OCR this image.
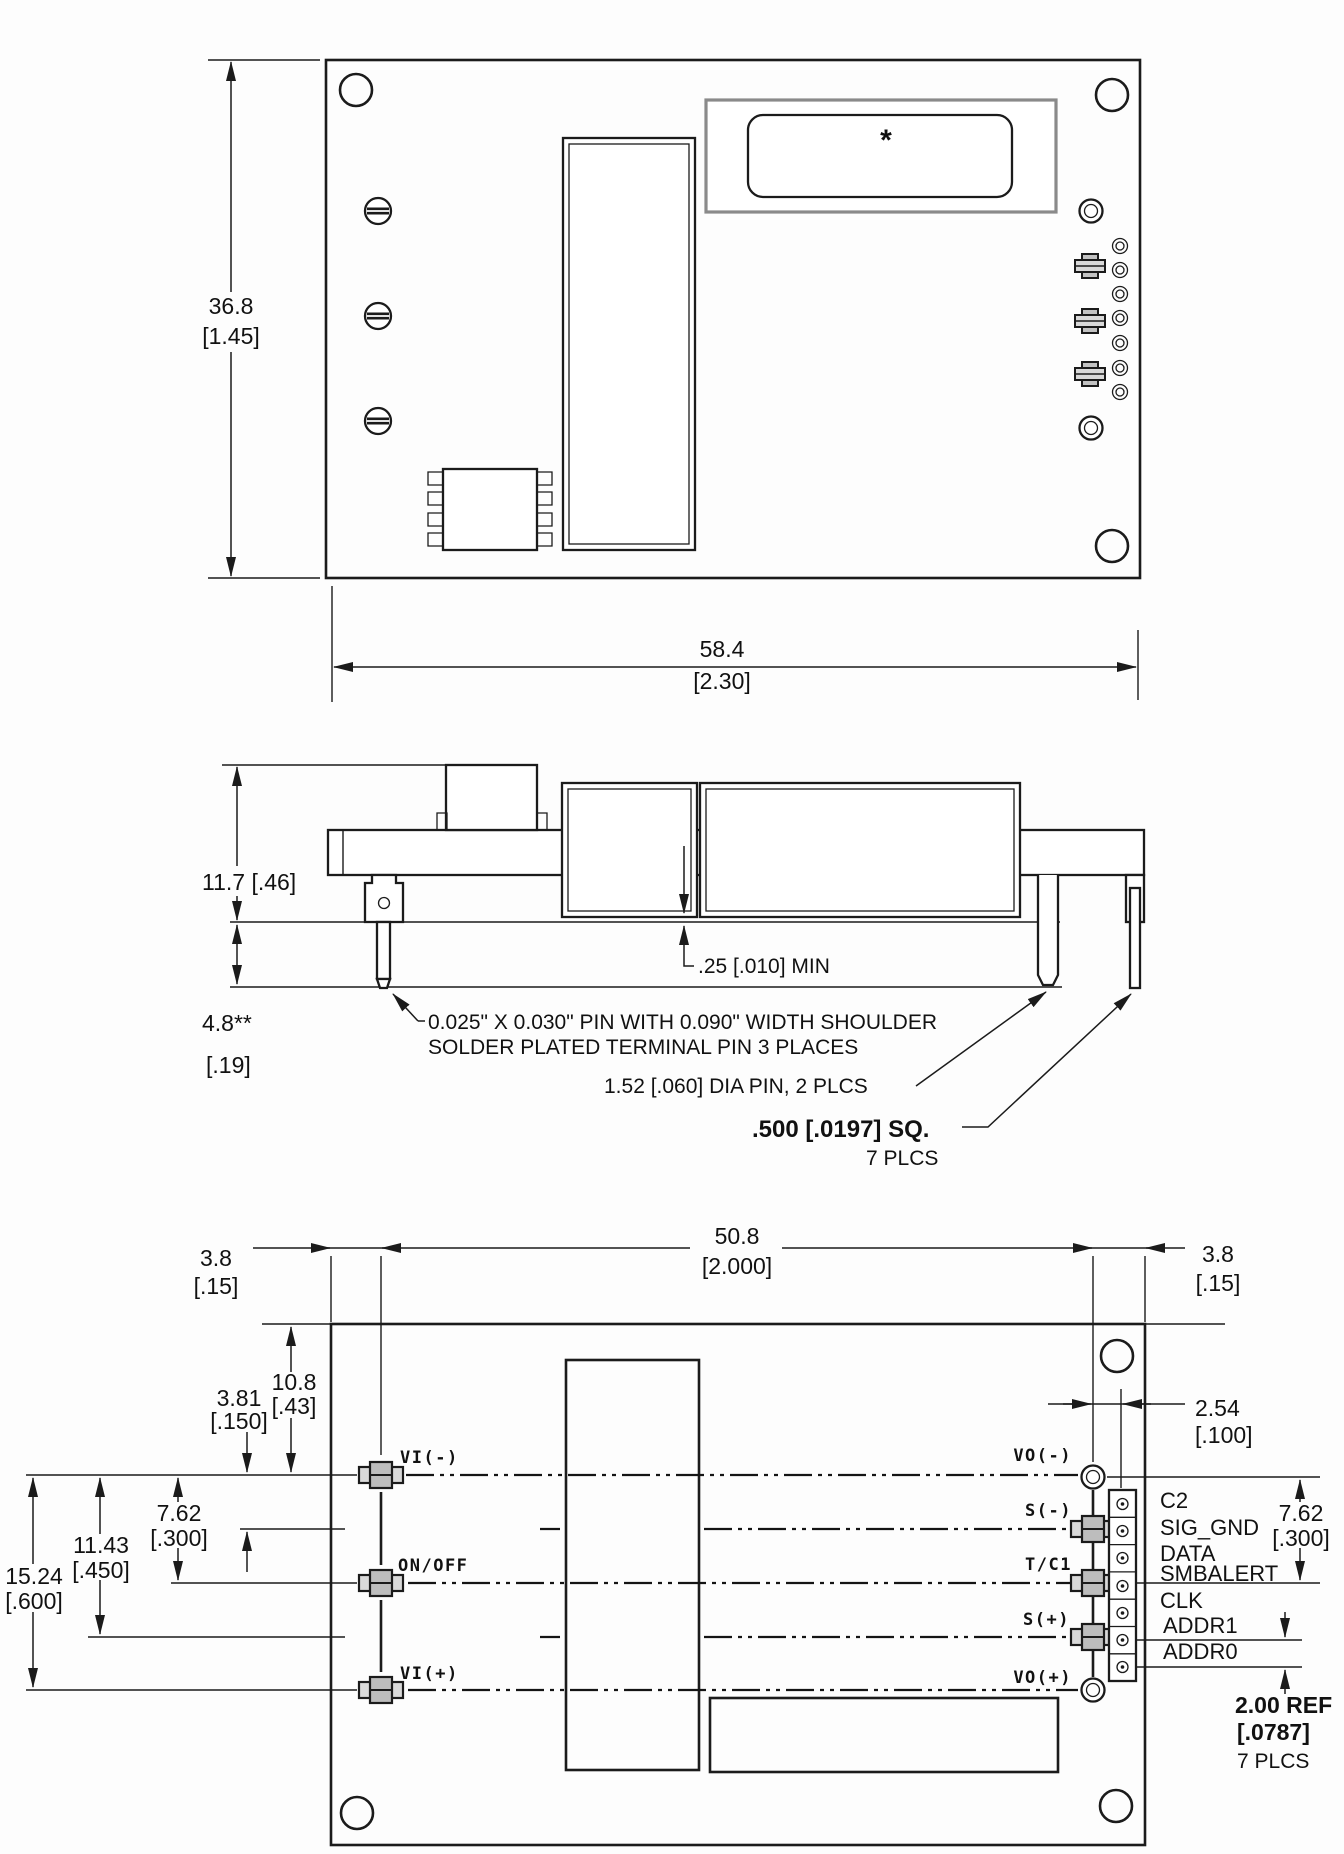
*
36.8
[1.45]
58.4
[2.30]
11.7 [.46]
4.8**
[.19]
.25 [.010] MIN
0.025" X 0.030" PIN WITH 0.090" WIDTH SHOULDER
SOLDER PLATED TERMINAL PIN 3 PLACES
1.52 [.060] DIA PIN, 2 PLCS
.500 [.0197] SQ.
7 PLCS
3.8
[.15]
50.8
[2.000]	3.8
[.15]
10.8
[.43]
3.81
[.150]
7.62
[.300]
11.43
[.450]
15.24
[.600]
2.54
[.100]
7.62
[.300]
2.00 REF
[.0787]
7 PLCS
VI(-)
ON/OFF
VI(+)
VO(-)
S(-)
T/C1
S(+)
VO(+)
C2
SIG_GND
DATA
SMBALERT
CLK
ADDR1
ADDR0
